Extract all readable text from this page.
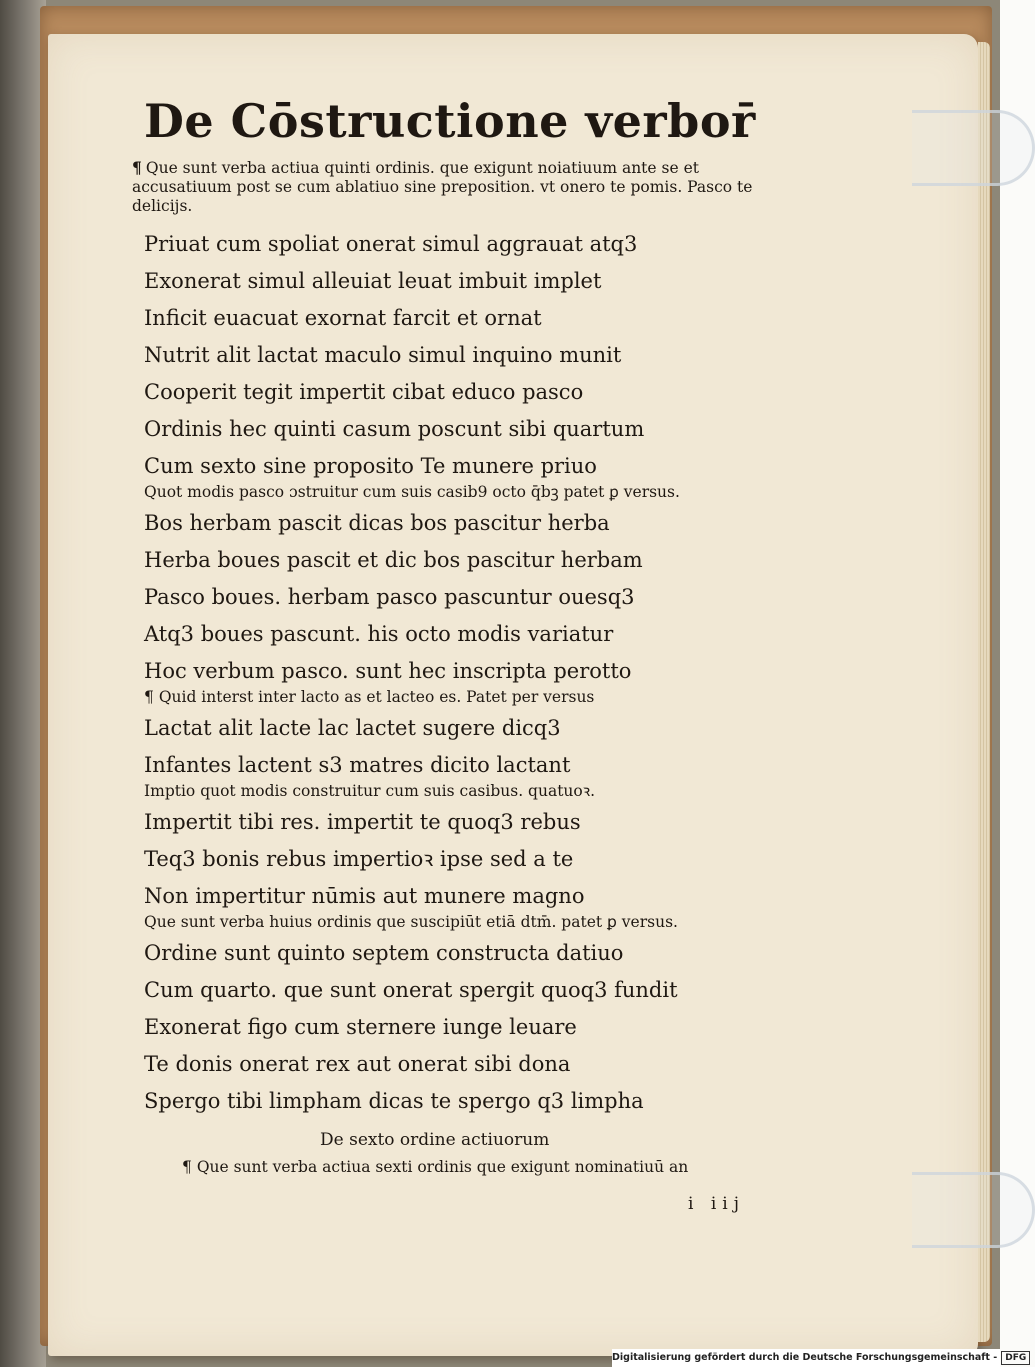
De Cōstructione verbor̄
¶ Que sunt verba actiua quinti ordinis. que exigunt noiatiuum ante se et accusatiuum post se cum ablatiuo sine preposition. vt onero te pomis. Pasco te delicijs.
Priuat cum spoliat onerat simul aggrauat atq3
Exonerat simul alleuiat leuat imbuit implet
Inficit euacuat exornat farcit et ornat
Nutrit alit lactat maculo simul inquino munit
Cooperit tegit impertit cibat educo pasco
Ordinis hec quinti casum poscunt sibi quartum
Cum sexto sine proposito Te munere priuo
Quot modis pasco ɔstruitur cum suis casib9 octo q̄bꝫ patet ꝑ versus.
Bos herbam pascit dicas bos pascitur herba
Herba boues pascit et dic bos pascitur herbam
Pasco boues. herbam pasco pascuntur ouesq3
Atq3 boues pascunt. his octo modis variatur
Hoc verbum pasco. sunt hec inscripta perotto
¶ Quid interst inter lacto as et lacteo es. Patet per versus
Lactat alit lacte lac lactet sugere dicq3
Infantes lactent s3 matres dicito lactant
Imptio quot modis construitur cum suis casibus. quatuoꝛ.
Impertit tibi res. impertit te quoq3 rebus
Teq3 bonis rebus impertioꝛ ipse sed a te
Non impertitur nūmis aut munere magno
Que sunt verba huius ordinis que suscipiūt etiā dtm̄. patet ꝑ versus.
Ordine sunt quinto septem constructa datiuo
Cum quarto. que sunt onerat spergit quoq3 fundit
Exonerat figo cum sternere iunge leuare
Te donis onerat rex aut onerat sibi dona
Spergo tibi limpham dicas te spergo q3 limpha
De sexto ordine actiuorum
¶ Que sunt verba actiua sexti ordinis que exigunt nominatiuū an
i iij
Digitalisierung gefördert durch die Deutsche Forschungsgemeinschaft - DFG
